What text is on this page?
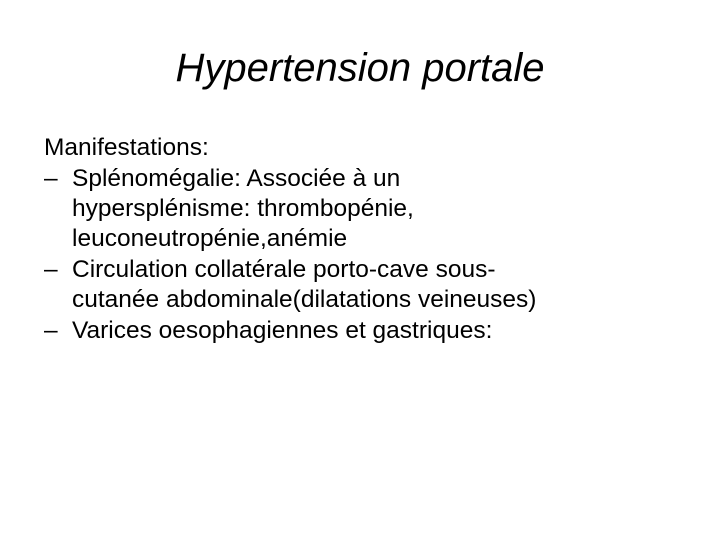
Hypertension portale
Manifestations:
– Splénomégalie: Associée à un
hypersplénisme: thrombopénie,
leuconeutropénie,anémie
– Circulation collatérale porto-cave sous-
cutanée abdominale(dilatations veineuses)
– Varices oesophagiennes et gastriques:
